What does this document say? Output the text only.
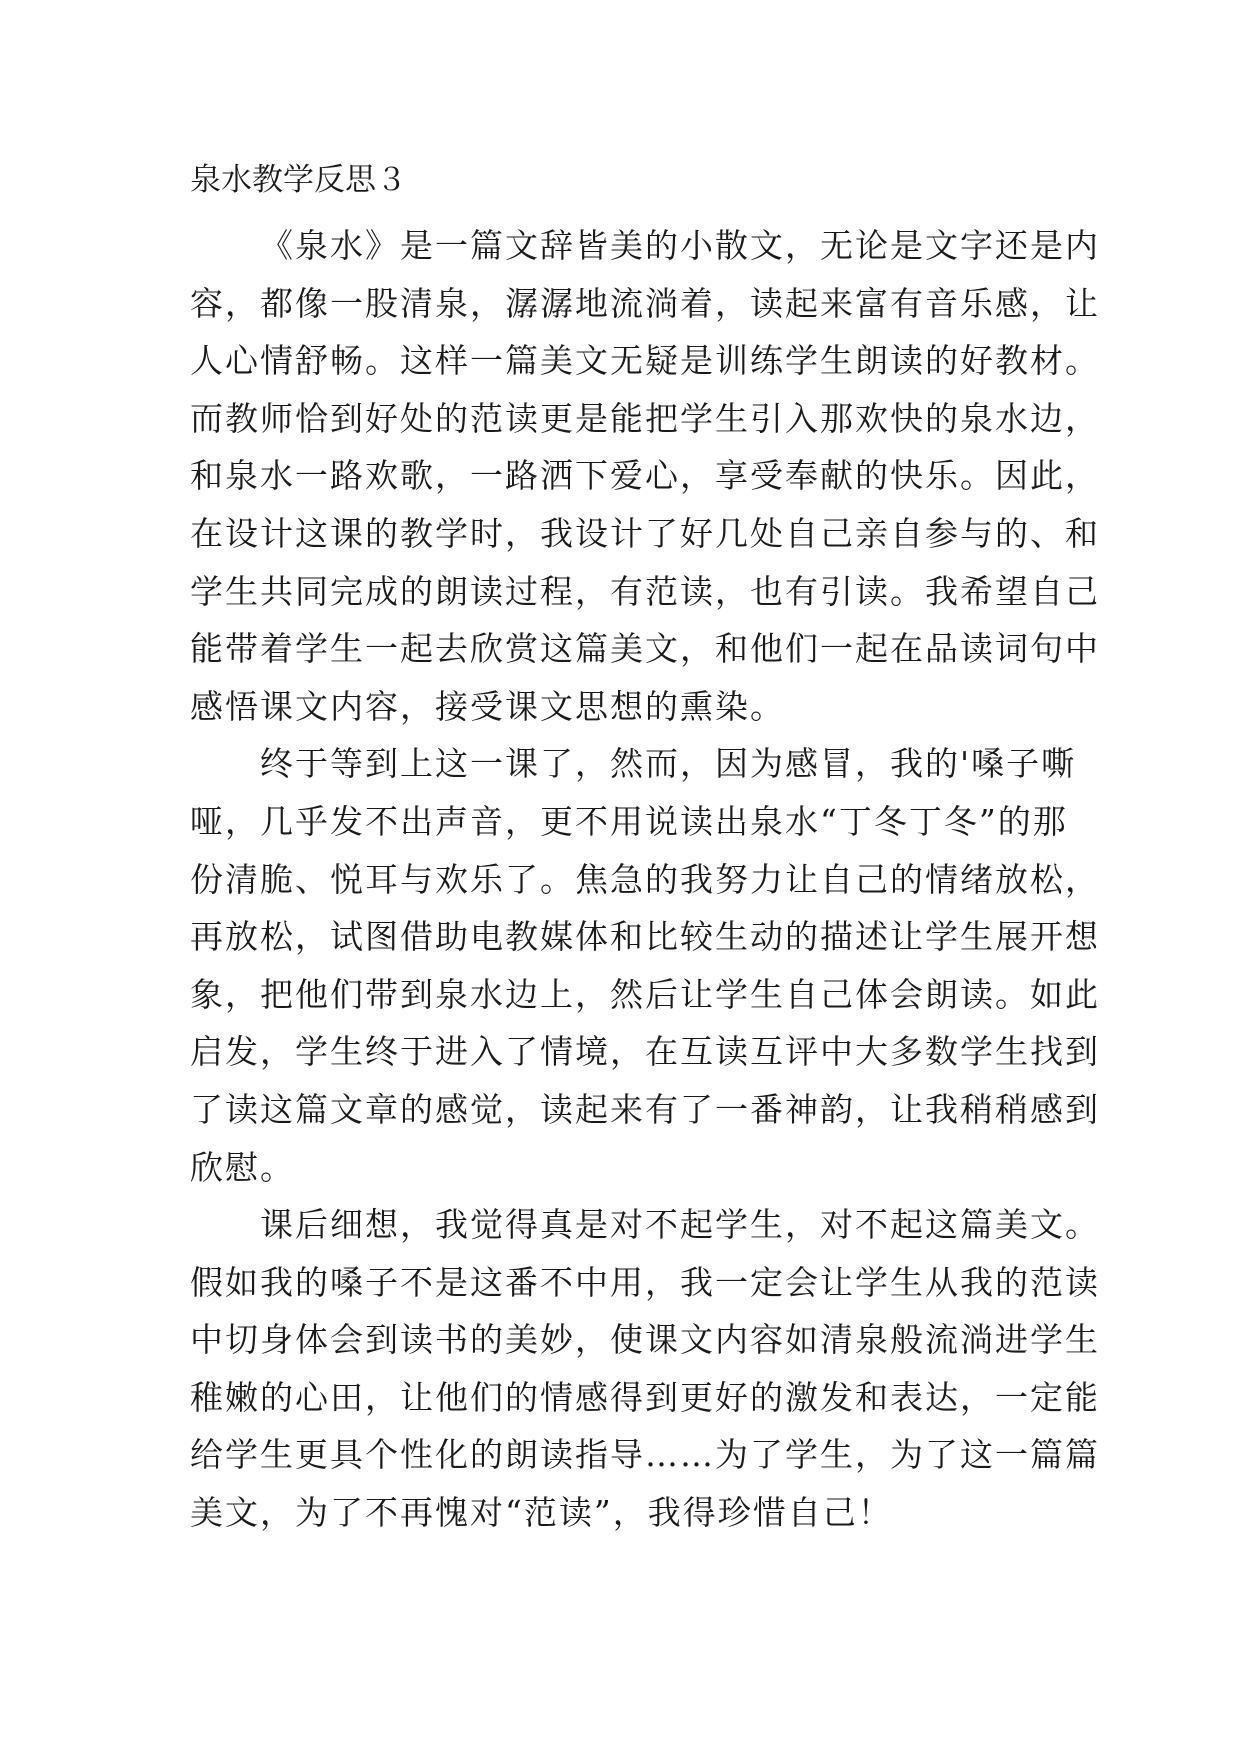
泉水教学反思３

《泉水》是一篇文辞皆美的小散文，无论是文字还是内
容，都像一股清泉，潺潺地流淌着，读起来富有音乐感，让
人心情舒畅。这样一篇美文无疑是训练学生朗读的好教材。
而教师恰到好处的范读更是能把学生引入那欢快的泉水边，
和泉水一路欢歌，一路洒下爱心，享受奉献的快乐。因此，
在设计这课的教学时，我设计了好几处自己亲自参与的、和
学生共同完成的朗读过程，有范读，也有引读。我希望自己
能带着学生一起去欣赏这篇美文，和他们一起在品读词句中
感悟课文内容，接受课文思想的熏染。

终于等到上这一课了，然而，因为感冒，我的'嗓子嘶
哑，几乎发不出声音，更不用说读出泉水“丁冬丁冬”的那
份清脆、悦耳与欢乐了。焦急的我努力让自己的情绪放松，
再放松，试图借助电教媒体和比较生动的描述让学生展开想
象，把他们带到泉水边上，然后让学生自己体会朗读。如此
启发，学生终于进入了情境，在互读互评中大多数学生找到
了读这篇文章的感觉，读起来有了一番神韵，让我稍稍感到
欣慰。

课后细想，我觉得真是对不起学生，对不起这篇美文。
假如我的嗓子不是这番不中用，我一定会让学生从我的范读
中切身体会到读书的美妙，使课文内容如清泉般流淌进学生
稚嫩的心田，让他们的情感得到更好的激发和表达，一定能
给学生更具个性化的朗读指导……为了学生，为了这一篇篇
美文，为了不再愧对“范读”，我得珍惜自己！
